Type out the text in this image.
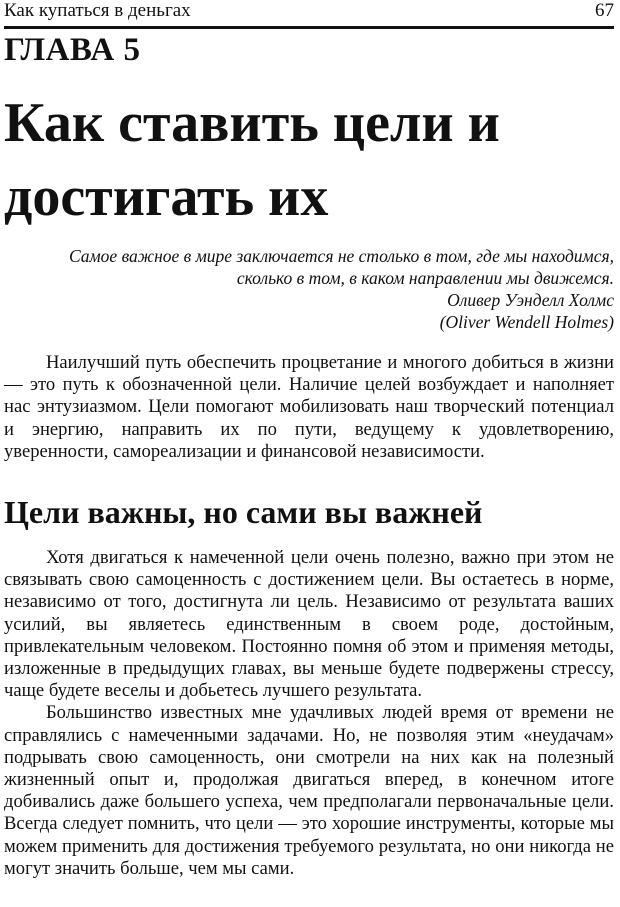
Как купаться в деньгах	67
ГЛАВА 5
Как ставить цели и достигать их

Самое важное в мире заключается не столько в том, где мы находимся, сколько в том, в каком направлении мы движемся.

Оливер Уэнделл Холмс

(Oliver Wendell Holmes)

Наилучший путь обеспечить процветание и многого добиться в жизни — это путь к обозначенной цели. Наличие целей возбуждает и наполняет нас энтузиазмом. Цели помогают мобилизовать наш творческий потенциал и энергию, направить их по пути, ведущему к удовлетворению, уверенности, самореализации и финансовой независимости.

Цели важны, но сами вы важней

Хотя двигаться к намеченной цели очень полезно, важно при этом не связывать свою самоценность с достижением цели. Вы остаетесь в норме, независимо от того, достигнута ли цель. Независимо от результата ваших усилий, вы являетесь единственным в своем роде, достойным, привлекательным человеком. Постоянно помня об этом и применяя методы, изложенные в предыдущих главах, вы меньше будете подвержены стрессу, чаще будете веселы и добьетесь лучшего результата.

Большинство известных мне удачливых людей время от времени не справлялись с намеченными задачами. Но, не позволяя этим «неудачам» подрывать свою самоценность, они смотрели на них как на полезный жизненный опыт и, продолжая двигаться вперед, в конечном итоге добивались даже большего успеха, чем предполагали первоначальные цели. Всегда следует помнить, что цели — это хорошие инструменты, которые мы можем применить для достижения требуемого результата, но они никогда не могут значить больше, чем мы сами.
